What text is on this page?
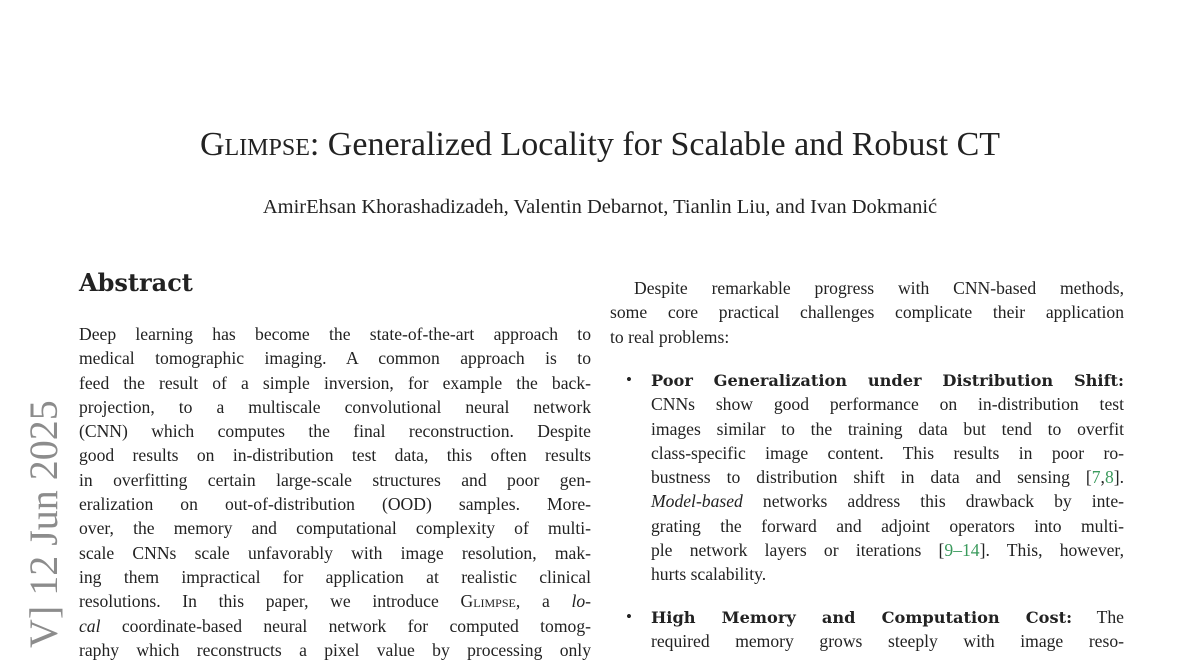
V] 12 Jun 2025
Glimpse: Generalized Locality for Scalable and Robust CT
AmirEhsan Khorashadizadeh, Valentin Debarnot, Tianlin Liu, and Ivan Dokmanić
Abstract
Deep learning has become the state-of-the-art approach to
medical tomographic imaging. A common approach is to
feed the result of a simple inversion, for example the back-
projection, to a multiscale convolutional neural network
(CNN) which computes the final reconstruction. Despite
good results on in-distribution test data, this often results
in overfitting certain large-scale structures and poor gen-
eralization on out-of-distribution (OOD) samples. More-
over, the memory and computational complexity of multi-
scale CNNs scale unfavorably with image resolution, mak-
ing them impractical for application at realistic clinical
resolutions. In this paper, we introduce Glimpse, a lo-
cal coordinate-based neural network for computed tomog-
raphy which reconstructs a pixel value by processing only
Despite remarkable progress with CNN-based methods,
some core practical challenges complicate their application
to real problems:
• Poor Generalization under Distribution Shift:
CNNs show good performance on in-distribution test
images similar to the training data but tend to overfit
class-specific image content. This results in poor ro-
bustness to distribution shift in data and sensing [7,8].
Model-based networks address this drawback by inte-
grating the forward and adjoint operators into multi-
ple network layers or iterations [9–14]. This, however,
hurts scalability.
• High Memory and Computation Cost: The
required memory grows steeply with image reso-
